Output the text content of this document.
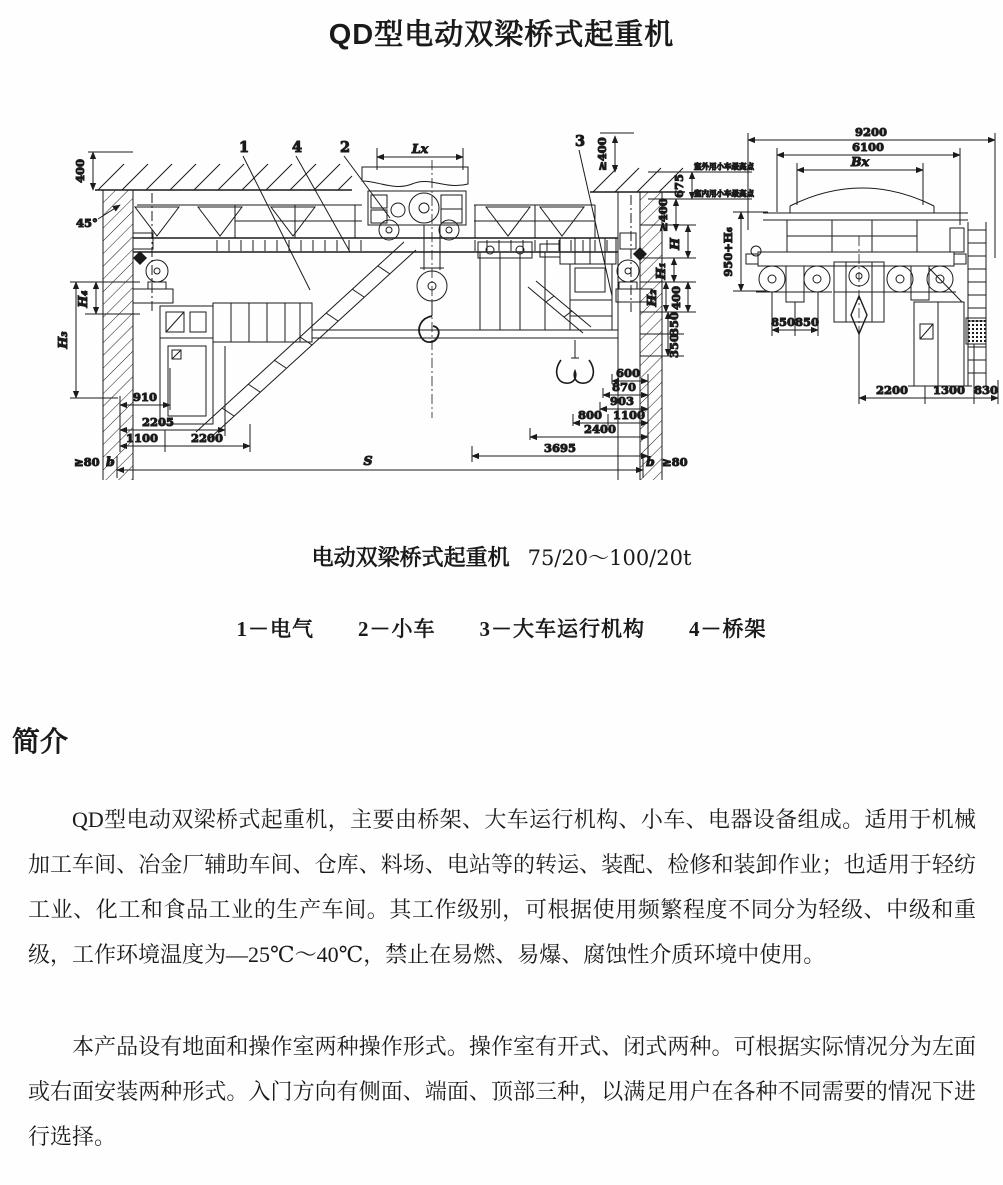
QD型电动双梁桥式起重机
400
45°
Lx
1	4	2	3 ≥400	室外用小车最高点
室内用小车最高点
675
≥400
H
H₁
H₂ 400
350
350
H₄
H₃
910
2205
1100	2200
≥80 b	S	b ≥80
600
870
903
800 1100
2400
3695
9200
6100
Bx
950+H₆
850 850
2200 1300 830
电动双梁桥式起重机 75/20～100/20t
1－电气　　2－小车　　3－大车运行机构　　4－桥架
简介
QD型电动双梁桥式起重机，主要由桥架、大车运行机构、小车、电器设备组成。适用于机械加工车间、冶金厂辅助车间、仓库、料场、电站等的转运、装配、检修和装卸作业；也适用于轻纺工业、化工和食品工业的生产车间。其工作级别，可根据使用频繁程度不同分为轻级、中级和重级，工作环境温度为—25℃～40℃，禁止在易燃、易爆、腐蚀性介质环境中使用。
本产品设有地面和操作室两种操作形式。操作室有开式、闭式两种。可根据实际情况分为左面或右面安装两种形式。入门方向有侧面、端面、顶部三种，以满足用户在各种不同需要的情况下进行选择。
